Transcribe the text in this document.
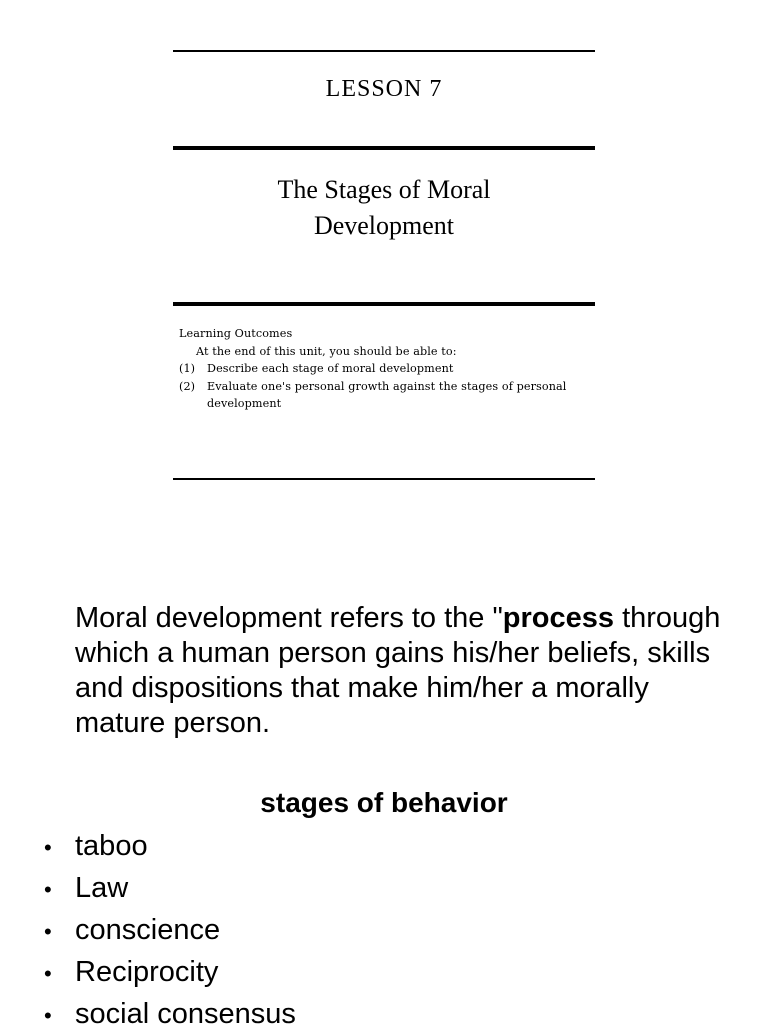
LESSON 7
The Stages of Moral
Development
Learning Outcomes
At the end of this unit, you should be able to:
(1)	Describe each stage of moral development
(2)	Evaluate one's personal growth against the stages of personal development
Moral development refers to the "process through which a human person gains his/her beliefs, skills and dispositions that make him/her a morally mature person.
stages of behavior
• taboo
• Law
• conscience
• Reciprocity
• social consensus
